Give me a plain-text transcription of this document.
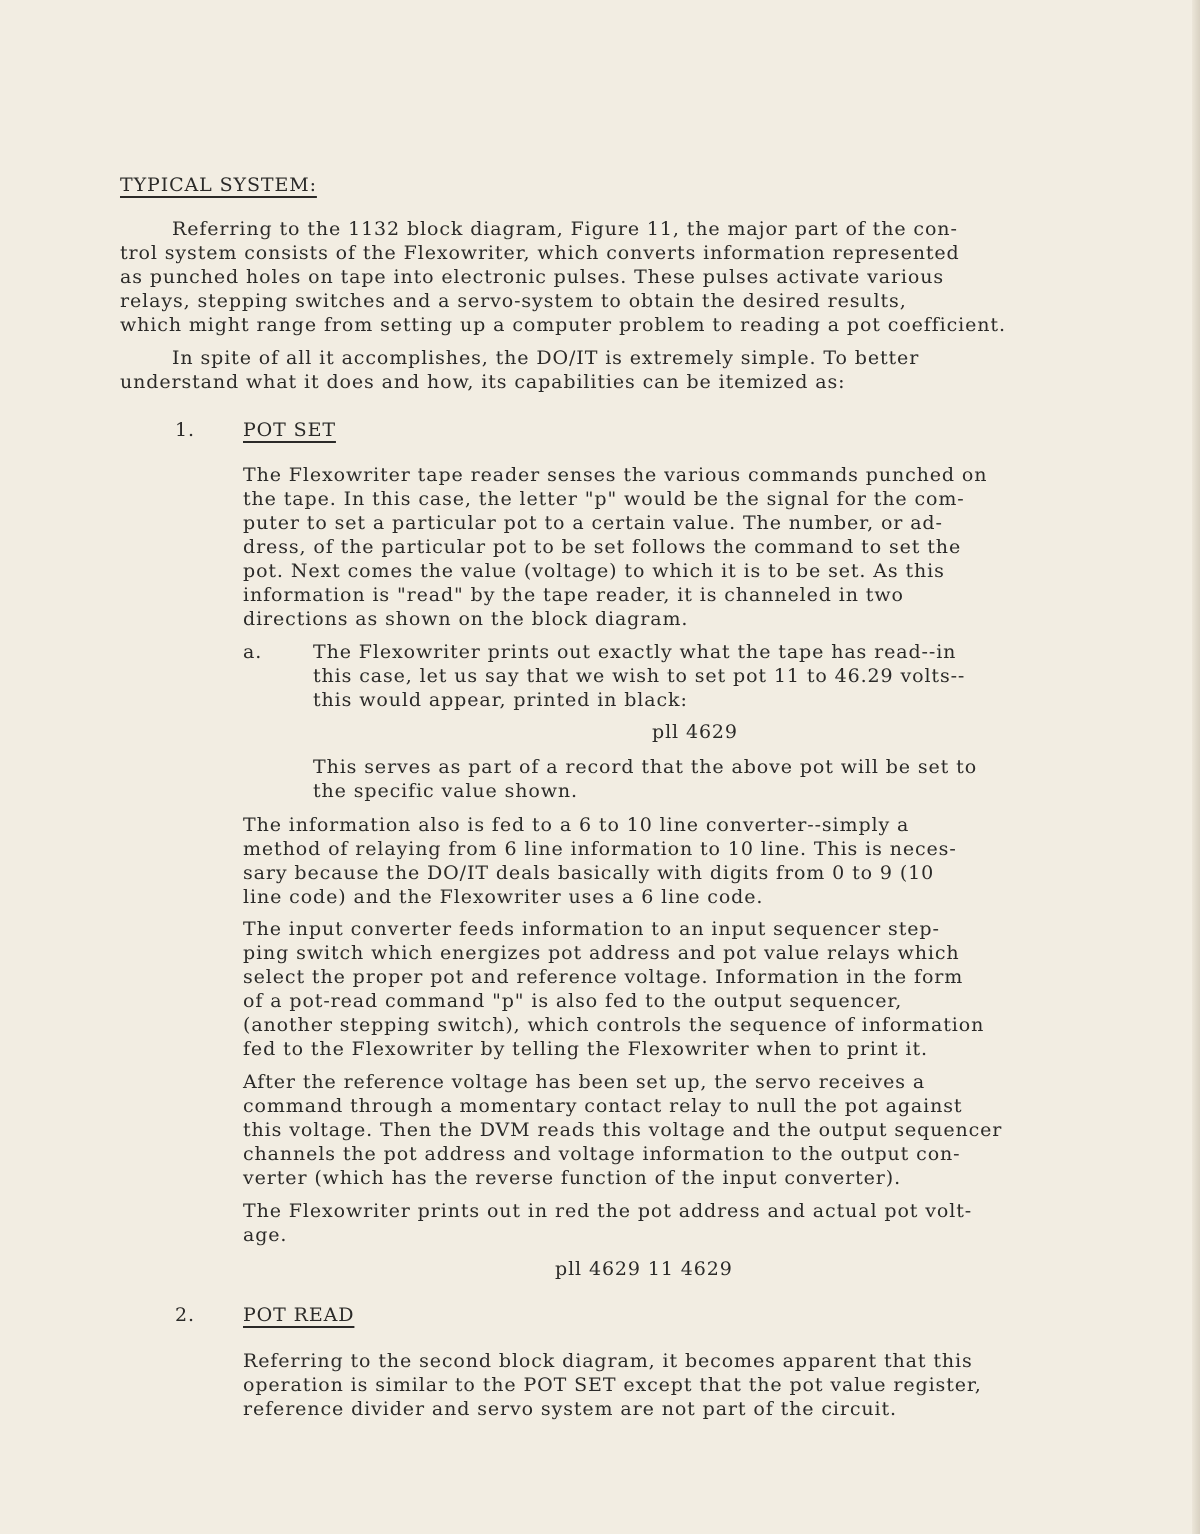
TYPICAL SYSTEM:
Referring to the 1132 block diagram, Figure 11, the major part of the con-
trol system consists of the Flexowriter, which converts information represented
as punched holes on tape into electronic pulses. These pulses activate various
relays, stepping switches and a servo-system to obtain the desired results,
which might range from setting up a computer problem to reading a pot coefficient.
In spite of all it accomplishes, the DO/IT is extremely simple. To better
understand what it does and how, its capabilities can be itemized as:
1.	POT SET
The Flexowriter tape reader senses the various commands punched on
the tape. In this case, the letter "p" would be the signal for the com-
puter to set a particular pot to a certain value. The number, or ad-
dress, of the particular pot to be set follows the command to set the
pot. Next comes the value (voltage) to which it is to be set. As this
information is "read" by the tape reader, it is channeled in two
directions as shown on the block diagram.
a.	The Flexowriter prints out exactly what the tape has read--in
this case, let us say that we wish to set pot 11 to 46.29 volts--
this would appear, printed in black:
pll 4629
This serves as part of a record that the above pot will be set to
the specific value shown.
The information also is fed to a 6 to 10 line converter--simply a
method of relaying from 6 line information to 10 line. This is neces-
sary because the DO/IT deals basically with digits from 0 to 9 (10
line code) and the Flexowriter uses a 6 line code.
The input converter feeds information to an input sequencer step-
ping switch which energizes pot address and pot value relays which
select the proper pot and reference voltage. Information in the form
of a pot-read command "p" is also fed to the output sequencer,
(another stepping switch), which controls the sequence of information
fed to the Flexowriter by telling the Flexowriter when to print it.
After the reference voltage has been set up, the servo receives a
command through a momentary contact relay to null the pot against
this voltage. Then the DVM reads this voltage and the output sequencer
channels the pot address and voltage information to the output con-
verter (which has the reverse function of the input converter).
The Flexowriter prints out in red the pot address and actual pot volt-
age.
pll 4629 11 4629
2.	POT READ
Referring to the second block diagram, it becomes apparent that this
operation is similar to the POT SET except that the pot value register,
reference divider and servo system are not part of the circuit.
